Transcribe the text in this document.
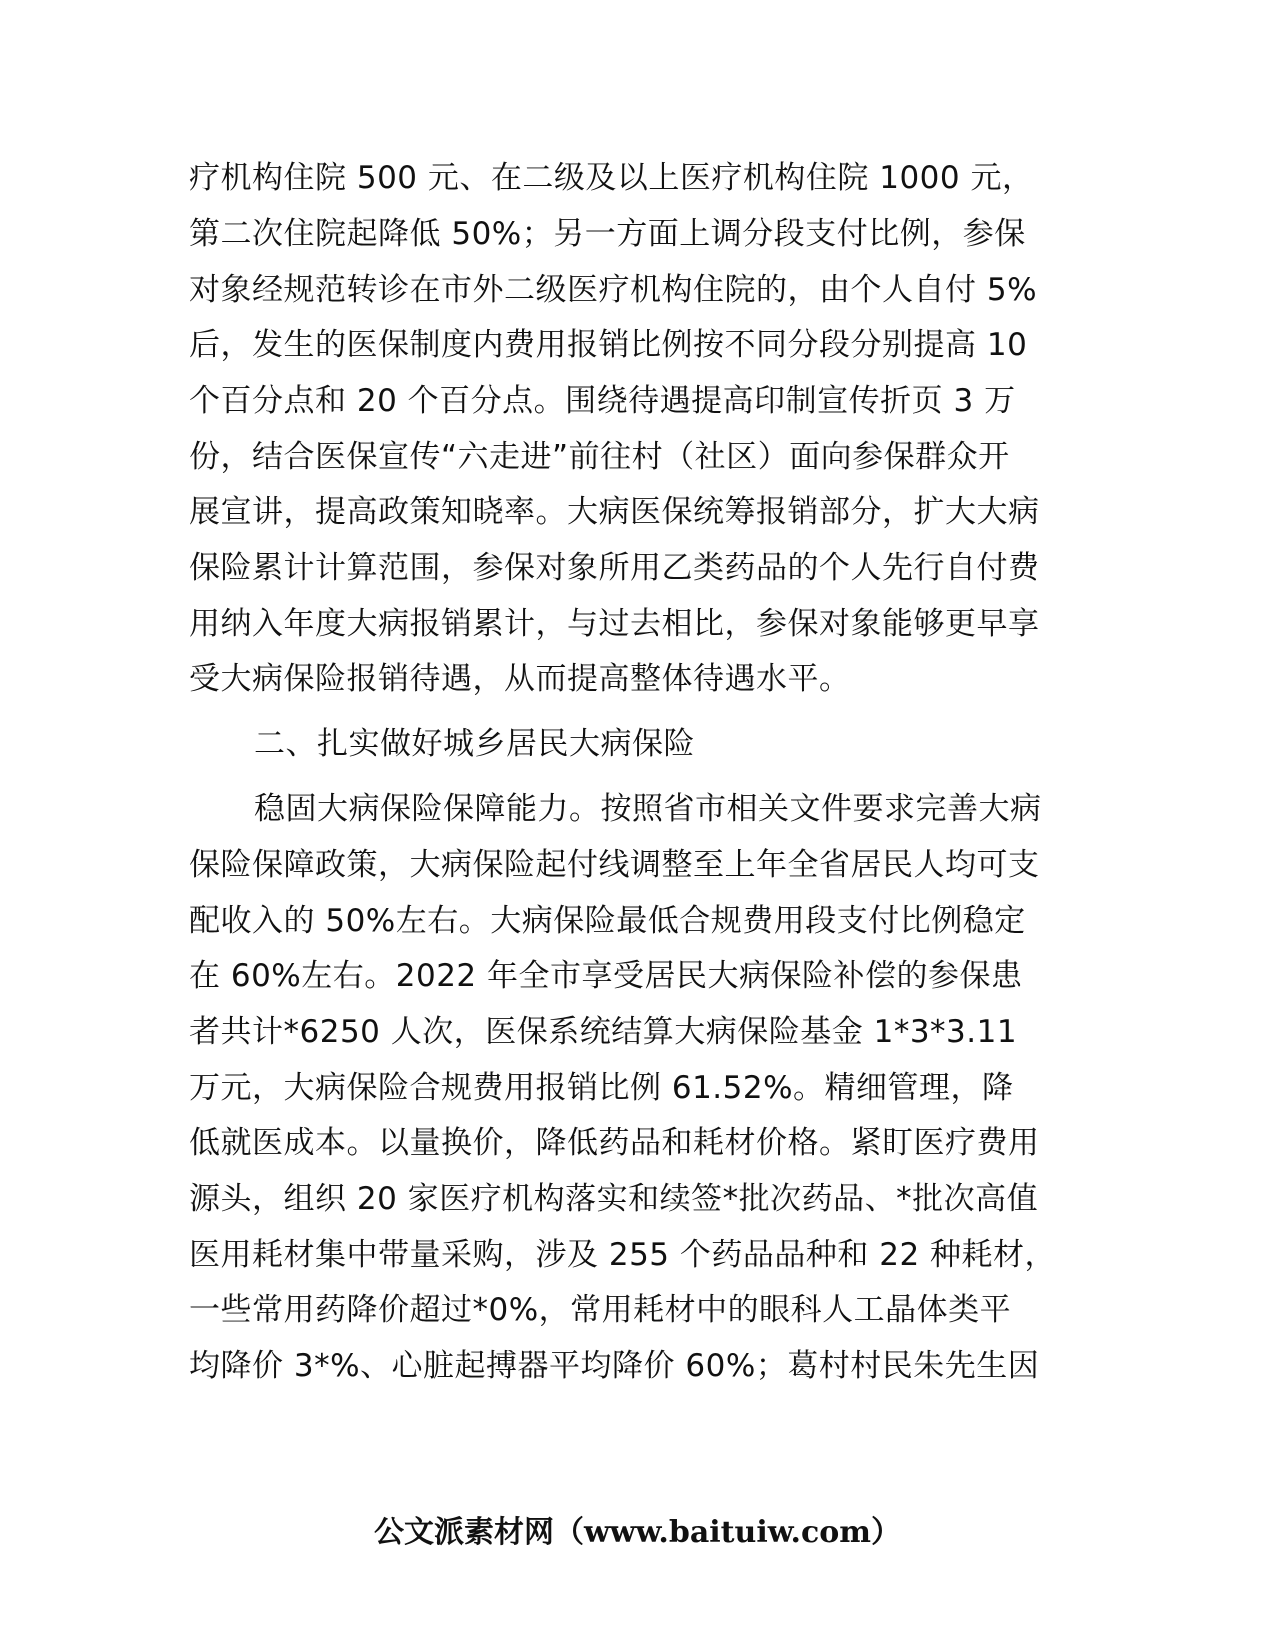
疗机构住院 500 元、在二级及以上医疗机构住院 1000 元，
第二次住院起降低 50%；另一方面上调分段支付比例，参保
对象经规范转诊在市外二级医疗机构住院的，由个人自付 5%
后，发生的医保制度内费用报销比例按不同分段分别提高 10
个百分点和 20 个百分点。围绕待遇提高印制宣传折页 3 万
份，结合医保宣传“六走进”前往村（社区）面向参保群众开
展宣讲，提高政策知晓率。大病医保统筹报销部分，扩大大病
保险累计计算范围，参保对象所用乙类药品的个人先行自付费
用纳入年度大病报销累计，与过去相比，参保对象能够更早享
受大病保险报销待遇，从而提高整体待遇水平。
二、扎实做好城乡居民大病保险
稳固大病保险保障能力。按照省市相关文件要求完善大病
保险保障政策，大病保险起付线调整至上年全省居民人均可支
配收入的 50%左右。大病保险最低合规费用段支付比例稳定
在 60%左右。2022 年全市享受居民大病保险补偿的参保患
者共计*6250 人次，医保系统结算大病保险基金 1*3*3.11
万元，大病保险合规费用报销比例 61.52%。精细管理，降
低就医成本。以量换价，降低药品和耗材价格。紧盯医疗费用
源头，组织 20 家医疗机构落实和续签*批次药品、*批次高值
医用耗材集中带量采购，涉及 255 个药品品种和 22 种耗材，
一些常用药降价超过*0%，常用耗材中的眼科人工晶体类平
均降价 3*%、心脏起搏器平均降价 60%；葛村村民朱先生因
公文派素材网（www.baituiw.com）
